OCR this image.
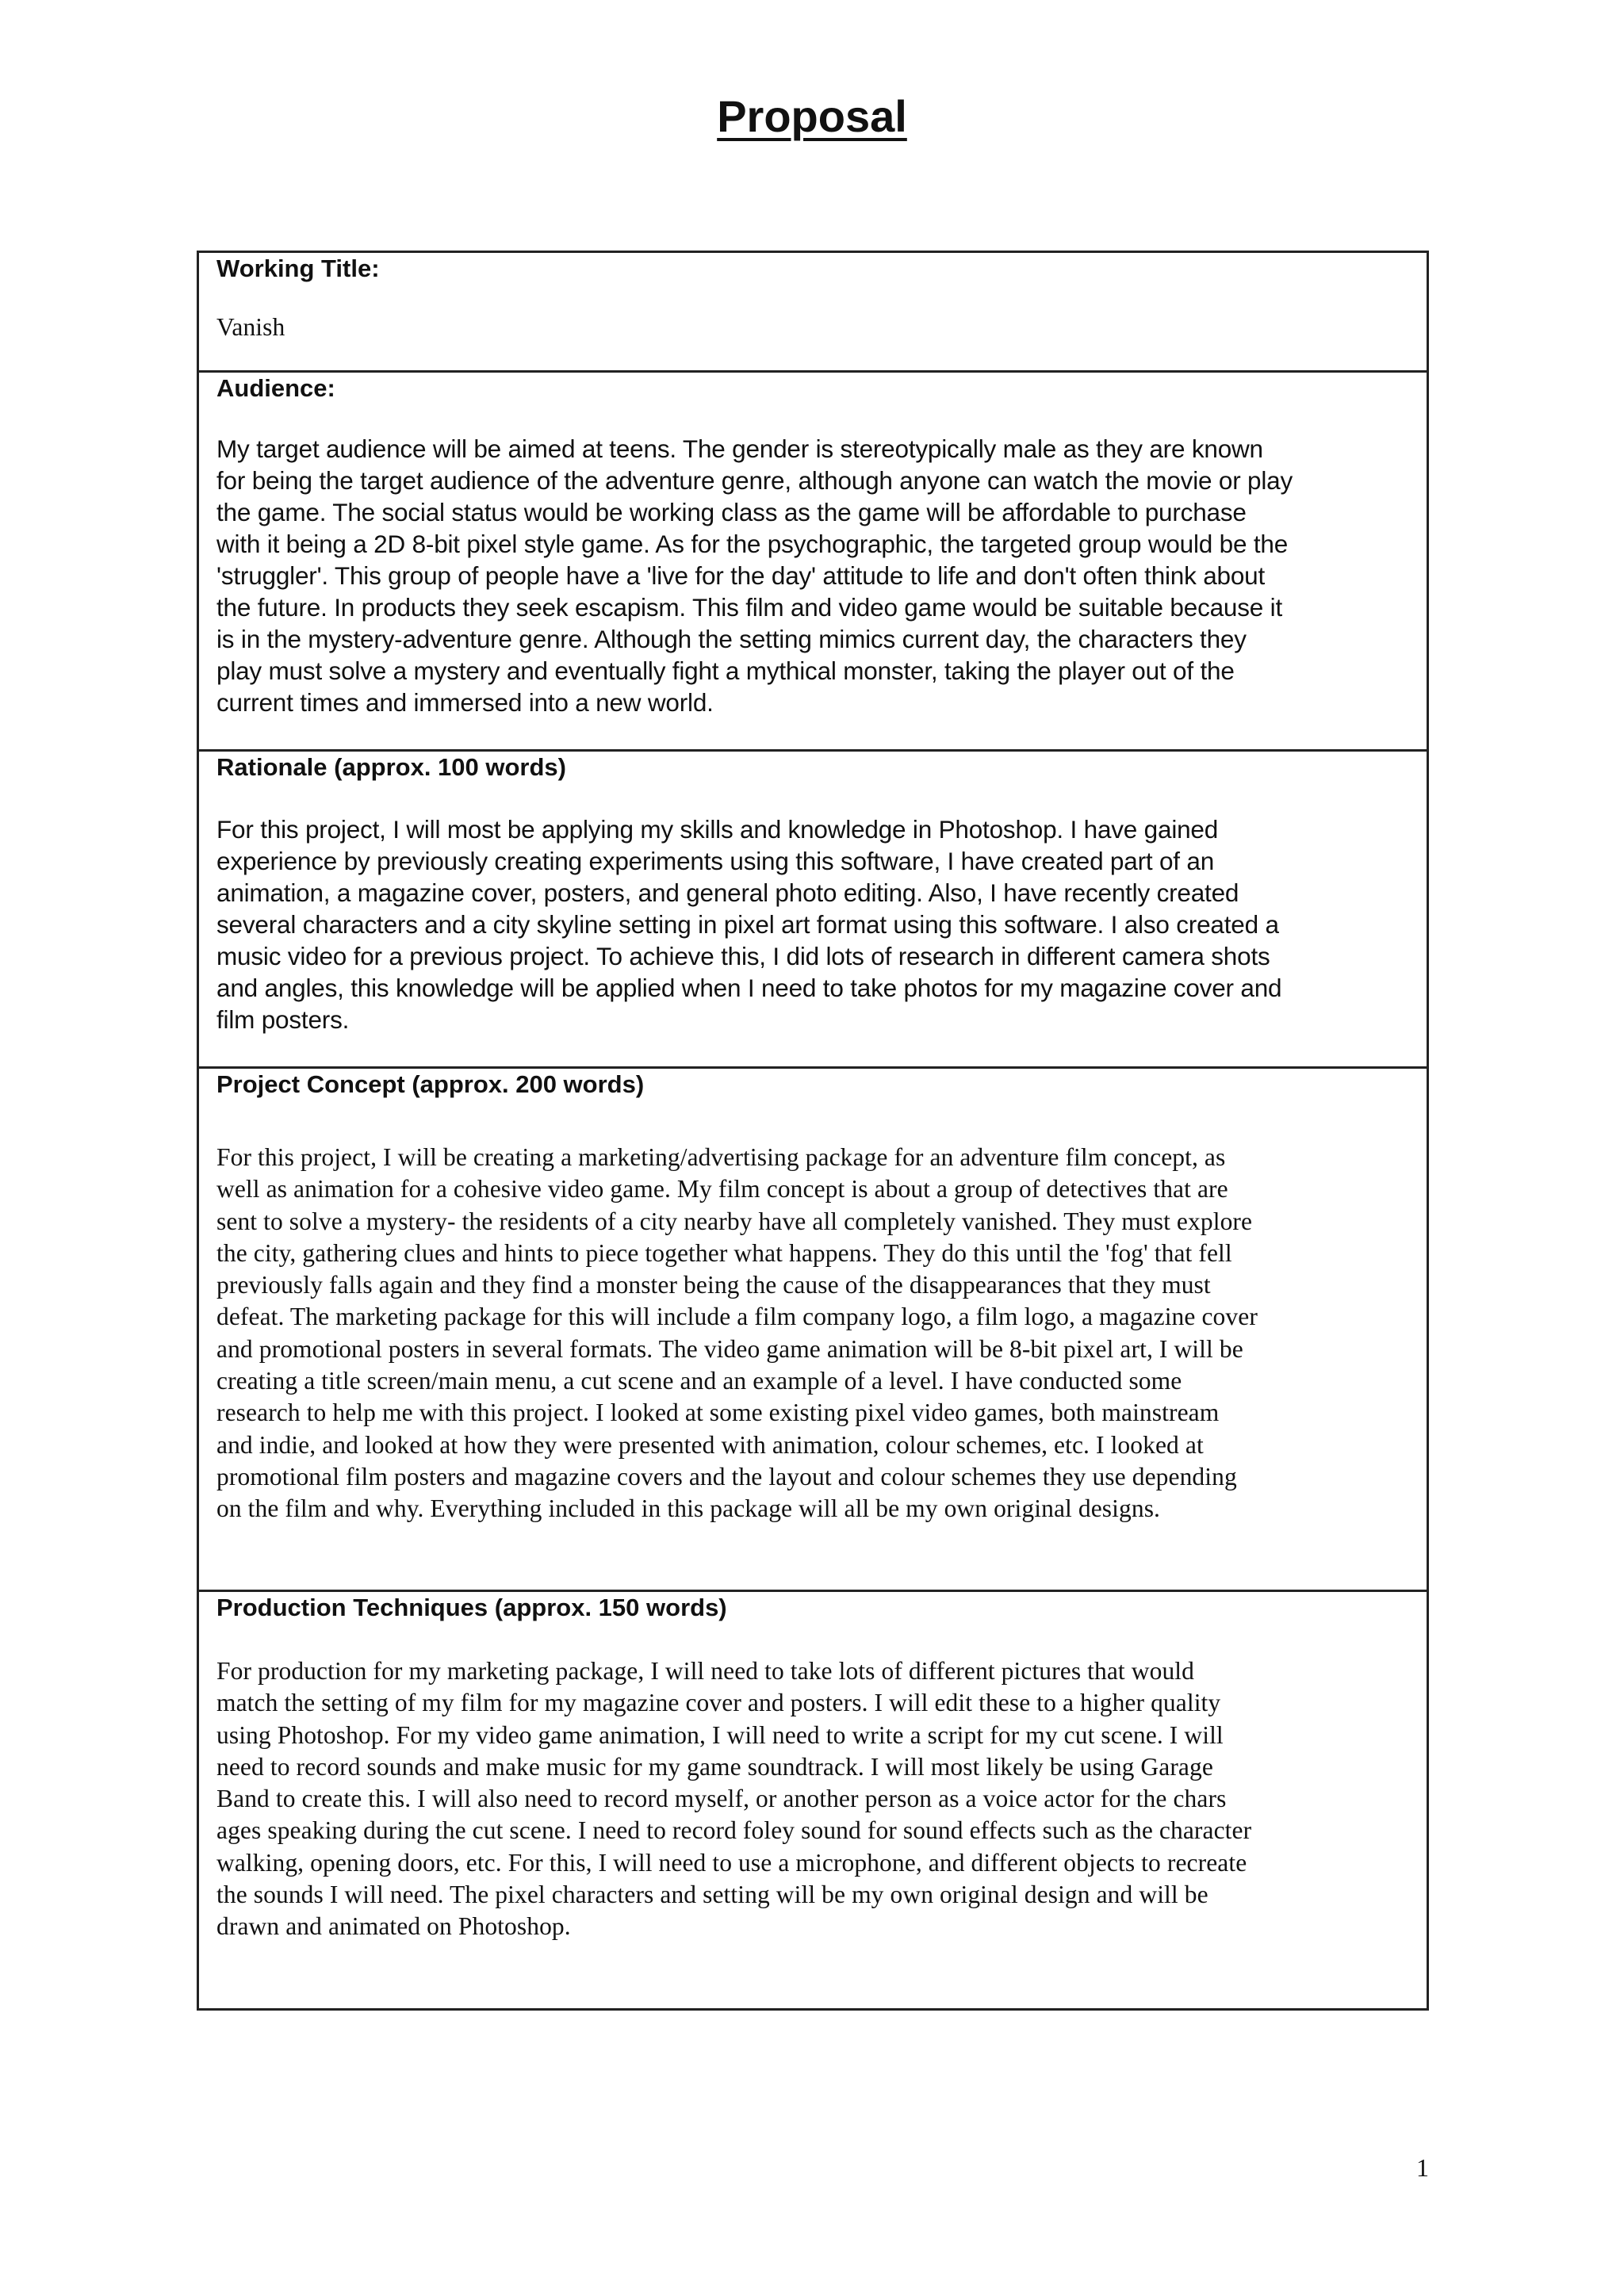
Proposal

Working Title:

Vanish

Audience:

My target audience will be aimed at teens. The gender is stereotypically male as they are known
for being the target audience of the adventure genre, although anyone can watch the movie or play
the game. The social status would be working class as the game will be affordable to purchase
with it being a 2D 8-bit pixel style game. As for the psychographic, the targeted group would be the
'struggler'. This group of people have a 'live for the day' attitude to life and don't often think about
the future. In products they seek escapism. This film and video game would be suitable because it
is in the mystery-adventure genre. Although the setting mimics current day, the characters they
play must solve a mystery and eventually fight a mythical monster, taking the player out of the
current times and immersed into a new world.

Rationale (approx. 100 words)

For this project, I will most be applying my skills and knowledge in Photoshop. I have gained
experience by previously creating experiments using this software, I have created part of an
animation, a magazine cover, posters, and general photo editing. Also, I have recently created
several characters and a city skyline setting in pixel art format using this software. I also created a
music video for a previous project. To achieve this, I did lots of research in different camera shots
and angles, this knowledge will be applied when I need to take photos for my magazine cover and
film posters.

Project Concept (approx. 200 words)

For this project, I will be creating a marketing/advertising package for an adventure film concept, as
well as animation for a cohesive video game. My film concept is about a group of detectives that are
sent to solve a mystery- the residents of a city nearby have all completely vanished. They must explore
the city, gathering clues and hints to piece together what happens. They do this until the 'fog' that fell
previously falls again and they find a monster being the cause of the disappearances that they must
defeat. The marketing package for this will include a film company logo, a film logo, a magazine cover
and promotional posters in several formats. The video game animation will be 8-bit pixel art, I will be
creating a title screen/main menu, a cut scene and an example of a level. I have conducted some
research to help me with this project. I looked at some existing pixel video games, both mainstream
and indie, and looked at how they were presented with animation, colour schemes, etc. I looked at
promotional film posters and magazine covers and the layout and colour schemes they use depending
on the film and why. Everything included in this package will all be my own original designs.

Production Techniques (approx. 150 words)

For production for my marketing package, I will need to take lots of different pictures that would
match the setting of my film for my magazine cover and posters. I will edit these to a higher quality
using Photoshop. For my video game animation, I will need to write a script for my cut scene. I will
need to record sounds and make music for my game soundtrack. I will most likely be using Garage
Band to create this. I will also need to record myself, or another person as a voice actor for the chars
ages speaking during the cut scene. I need to record foley sound for sound effects such as the character
walking, opening doors, etc. For this, I will need to use a microphone, and different objects to recreate
the sounds I will need. The pixel characters and setting will be my own original design and will be
drawn and animated on Photoshop.

1
